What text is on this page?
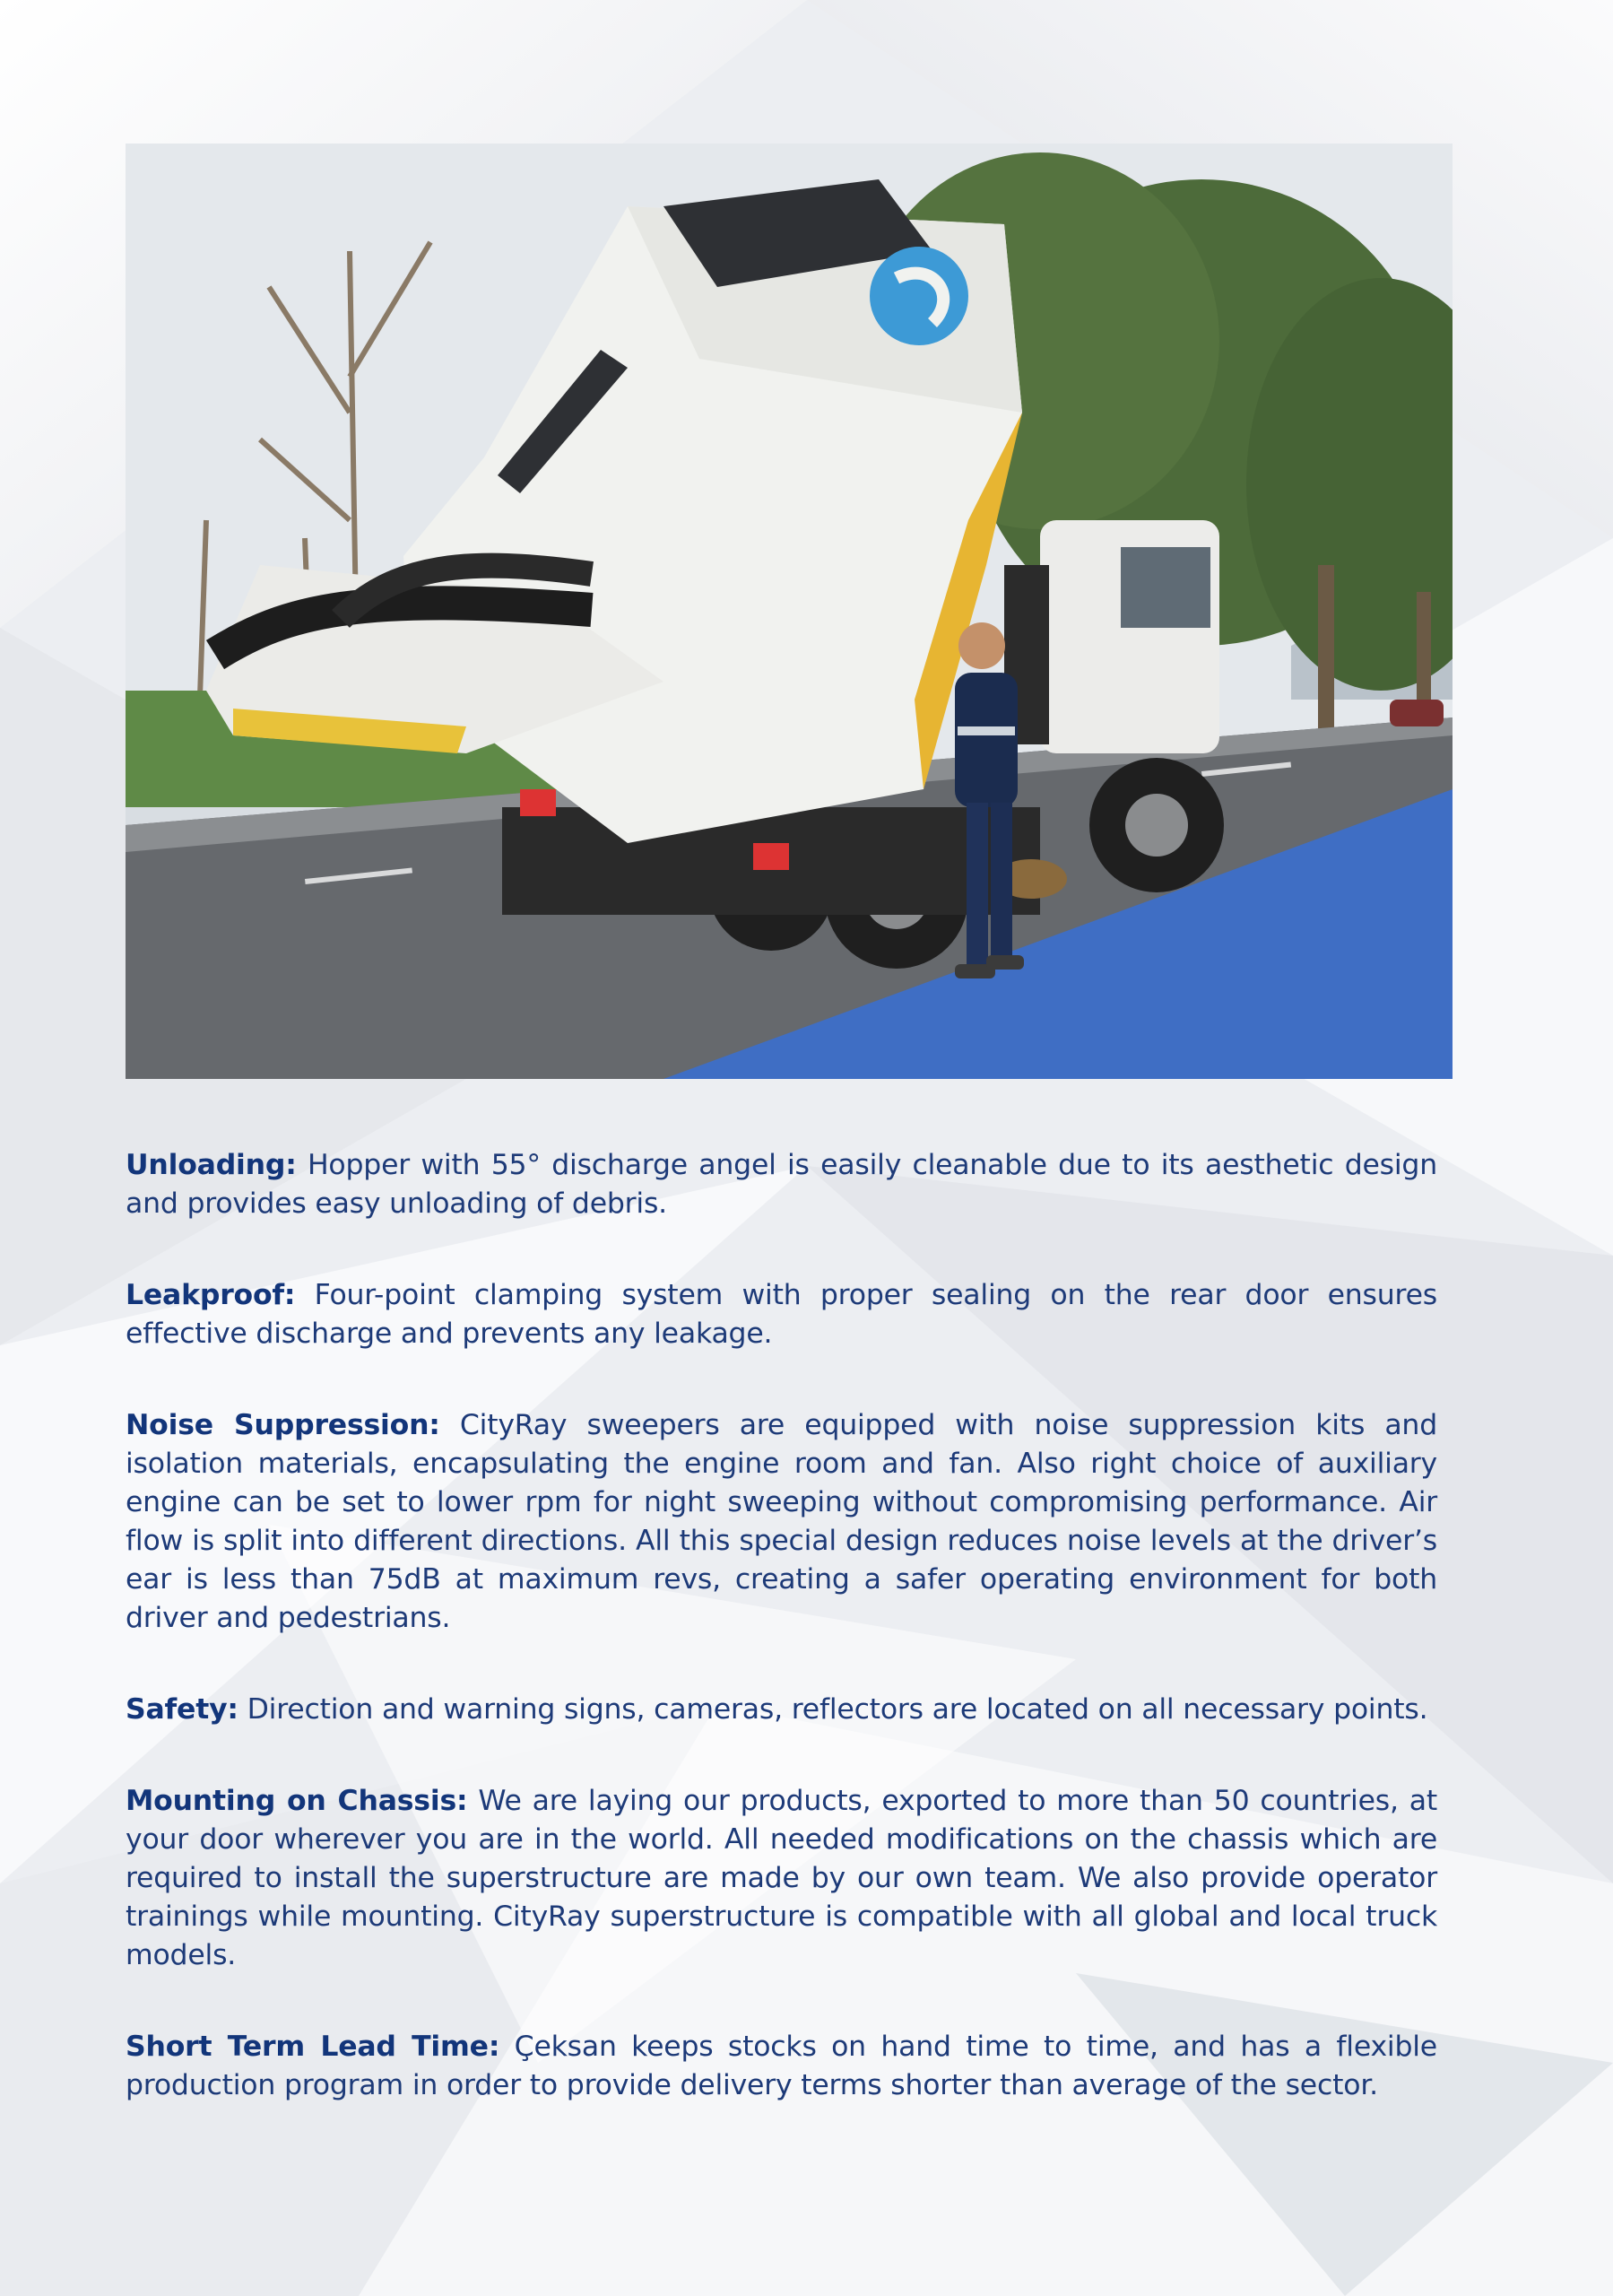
Unloading: Hopper with 55° discharge angel is easily cleanable due to its aesthetic design and provides easy unloading of debris.

Leakproof: Four-point clamping system with proper sealing on the rear door ensures effective discharge and prevents any leakage.

Noise Suppression: CityRay sweepers are equipped with noise suppression kits and isolation materials, encapsulating the engine room and fan. Also right choice of auxiliary engine can be set to lower rpm for night sweeping without compromising performance. Air flow is split into different directions. All this special design reduces noise levels at the driver’s ear is less than 75dB at maximum revs, creating a safer operating environment for both driver and pedestrians.

Safety: Direction and warning signs, cameras, reflectors are located on all necessary points.

Mounting on Chassis: We are laying our products, exported to more than 50 countries, at your door wherever you are in the world. All needed modifications on the chassis which are required to install the superstructure are made by our own team. We also provide operator trainings while mounting. CityRay superstructure is compatible with all global and local truck models.

Short Term Lead Time: Çeksan keeps stocks on hand time to time, and has a flexible production program in order to provide delivery terms shorter than average of the sector.
